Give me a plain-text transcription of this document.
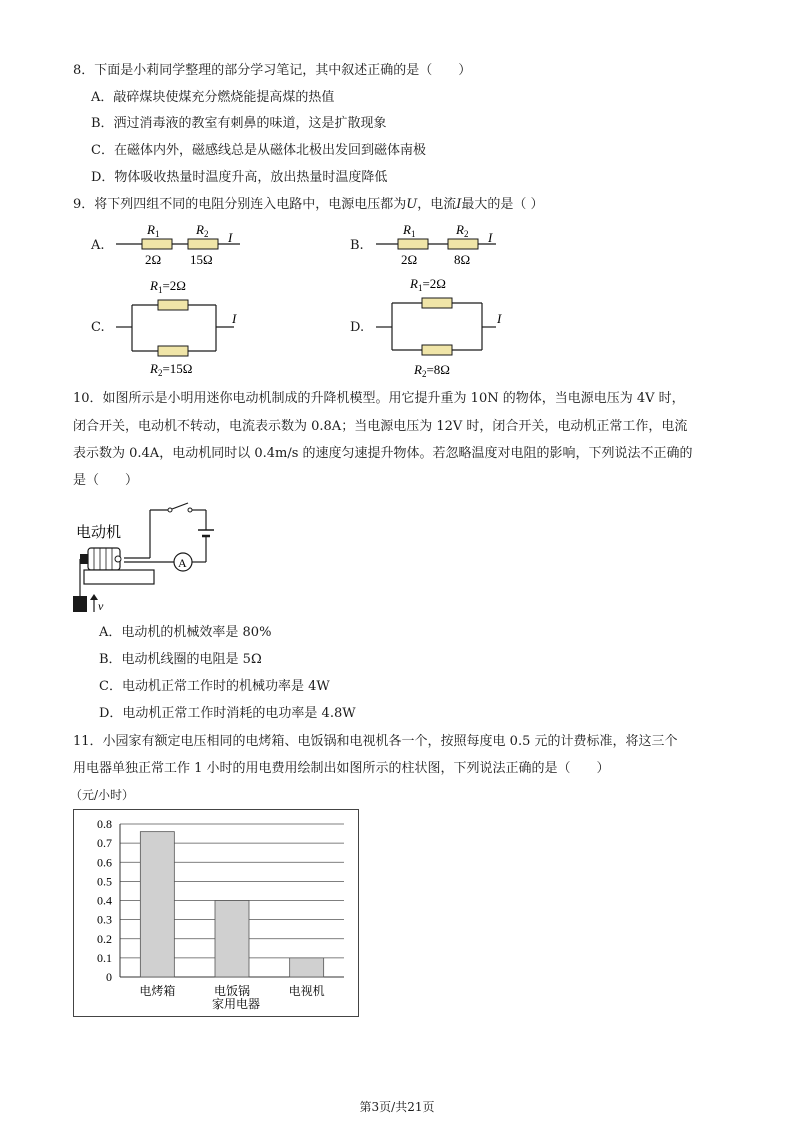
8．下面是小莉同学整理的部分学习笔记，其中叙述正确的是（　　）
A．敲碎煤块使煤充分燃烧能提高煤的热值
B．洒过消毒液的教室有刺鼻的味道，这是扩散现象
C．在磁体内外，磁感线总是从磁体北极出发回到磁体南极
D．物体吸收热量时温度升高，放出热量时温度降低
9．将下列四组不同的电阻分别连入电路中，电源电压都为U，电流I最大的是（ ）
A.
$R_1$	$R_2$ I
2Ω 15Ω
B.
$R_1$	$R_2$ I
2Ω	8Ω
C.
$R_1=2\Omega$
$R_2=15\Omega$
I
D.
$R_1=2\Omega$
$R_2=8\Omega$
I
10．如图所示是小明用迷你电动机制成的升降机模型。用它提升重为 10N 的物体，当电源电压为 4V 时，
闭合开关，电动机不转动，电流表示数为 0.8A；当电源电压为 12V 时，闭合开关，电动机正常工作，电流
表示数为 0.4A，电动机同时以 0.4m/s 的速度匀速提升物体。若忽略温度对电阻的影响，下列说法不正确的
是（　　）
电动机
A
v
A．电动机的机械效率是 80%
B．电动机线圈的电阻是 5Ω
C．电动机正常工作时的机械功率是 4W
D．电动机正常工作时消耗的电功率是 4.8W
11．小园家有额定电压相同的电烤箱、电饭锅和电视机各一个，按照每度电 0.5 元的计费标准，将这三个
用电器单独正常工作 1 小时的用电费用绘制出如图所示的柱状图，下列说法正确的是（　　）
（元/小时）
0
0.1
0.2
0.3
0.4
0.5
0.6
0.7
0.8
电烤箱	电饭锅	电视机
家用电器
第3页/共21页
